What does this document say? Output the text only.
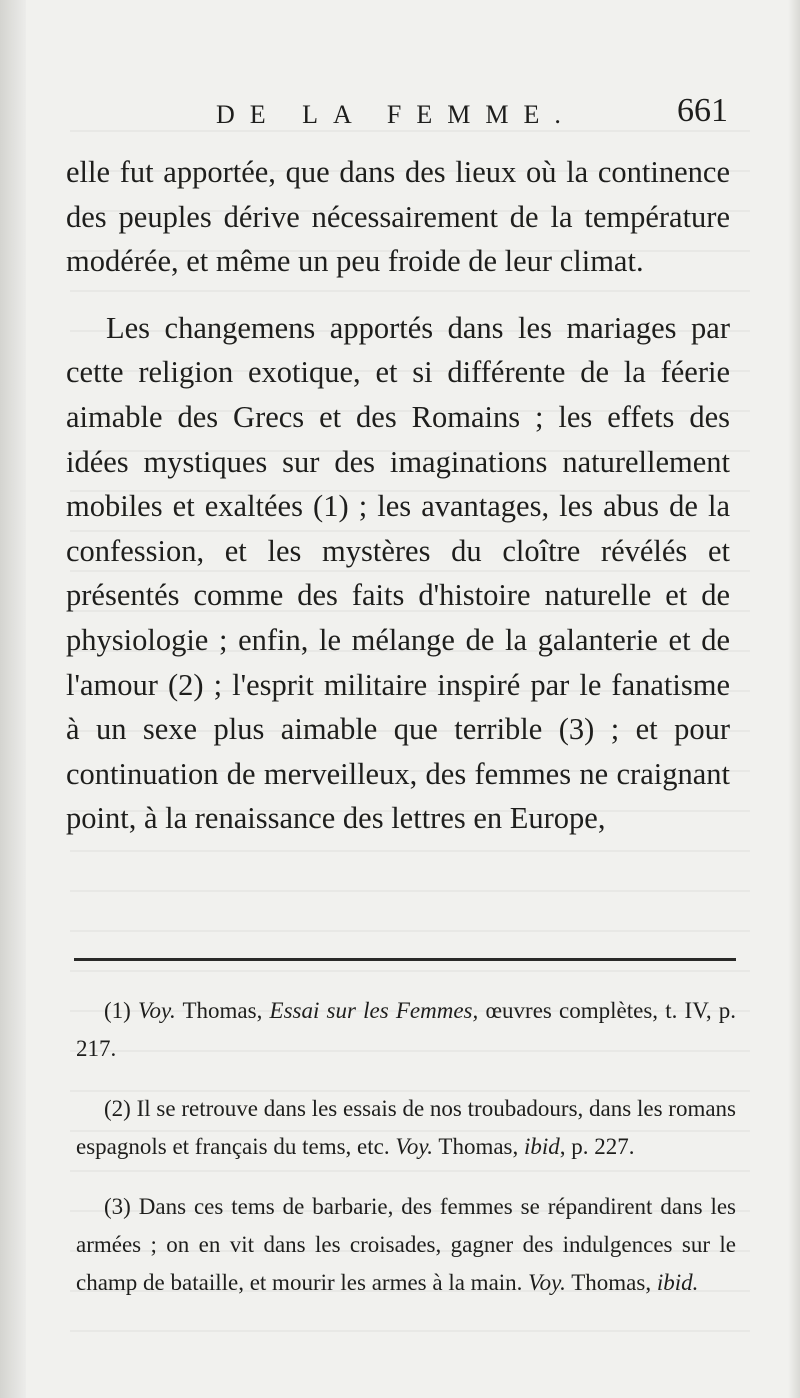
DE LA FEMME.	661

elle fut apportée, que dans des lieux où la continence des peuples dérive nécessairement de la température modérée, et même un peu froide de leur climat.

Les changemens apportés dans les mariages par cette religion exotique, et si différente de la féerie aimable des Grecs et des Romains ; les effets des idées mystiques sur des imaginations naturellement mobiles et exaltées (1) ; les avantages, les abus de la confession, et les mystères du cloître révélés et présentés comme des faits d'histoire naturelle et de physiologie ; enfin, le mélange de la galanterie et de l'amour (2) ; l'esprit militaire inspiré par le fanatisme à un sexe plus aimable que terrible (3) ; et pour continuation de merveilleux, des femmes ne craignant point, à la renaissance des lettres en Europe,

(1) Voy. Thomas, Essai sur les Femmes, œuvres complètes, t. IV, p. 217.

(2) Il se retrouve dans les essais de nos troubadours, dans les romans espagnols et français du tems, etc. Voy. Thomas, ibid, p. 227.

(3) Dans ces tems de barbarie, des femmes se répandirent dans les armées ; on en vit dans les croisades, gagner des indulgences sur le champ de bataille, et mourir les armes à la main. Voy. Thomas, ibid.
